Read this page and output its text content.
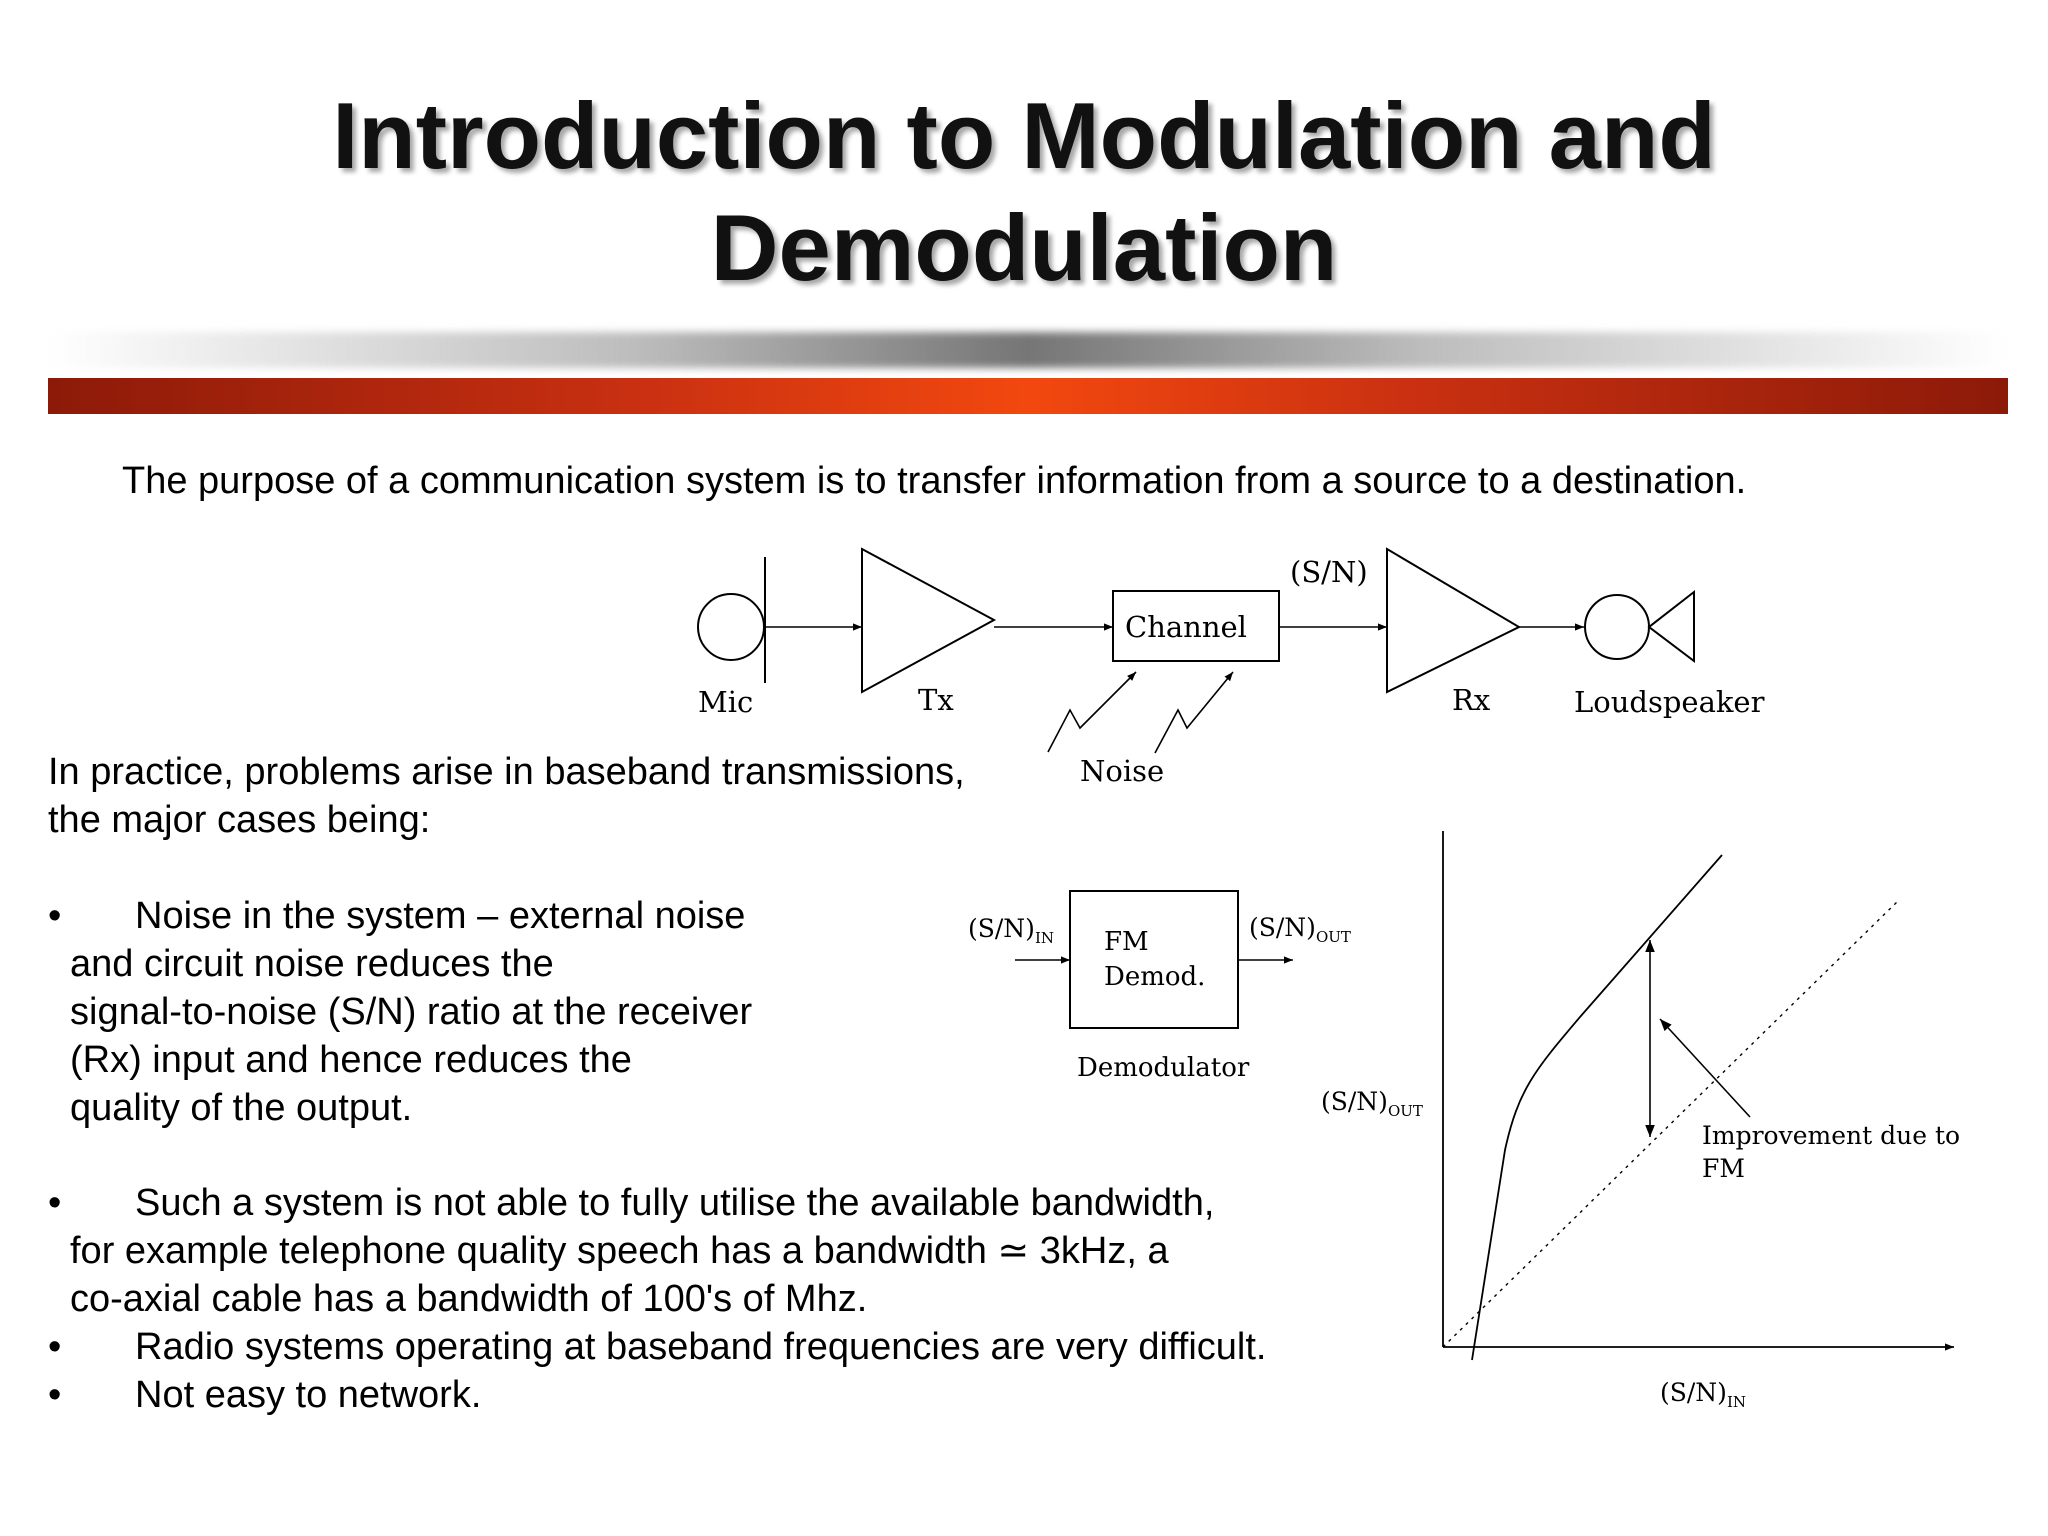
Introduction to Modulation and
Demodulation
The purpose of a communication system is to transfer information from a source to a destination.
In practice, problems arise in baseband transmissions,
the major cases being:
• Noise in the system – external noise
and circuit noise reduces the
signal-to-noise (S/N) ratio at the receiver
(Rx) input and hence reduces the
quality of the output.
• Such a system is not able to fully utilise the available bandwidth,
for example telephone quality speech has a bandwidth ≃ 3kHz, a
co-axial cable has a bandwidth of 100's of Mhz.
• Radio systems operating at baseband frequencies are very difficult.
• Not easy to network.
Mic	Tx
Channel
(S/N)
Noise
Rx	Loudspeaker
$(S/N)_{IN}$ FM
Demod.
$(S/N)_{OUT}$
Demodulator
$(S/N)_{OUT}$
$(S/N)_{IN}$
Improvement due to
FM
